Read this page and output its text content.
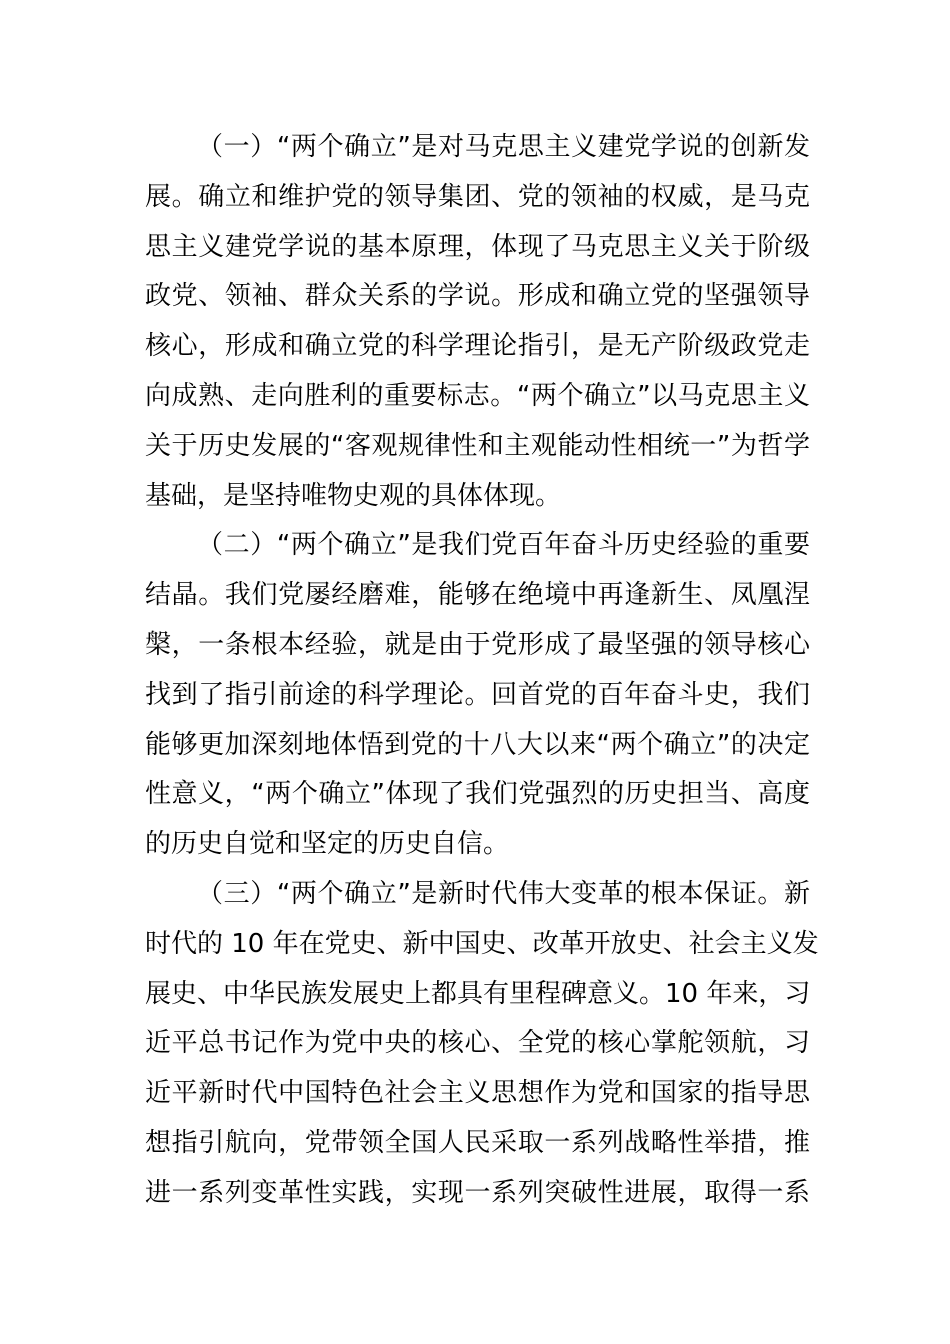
（一）“两个确立”是对马克思主义建党学说的创新发
展。确立和维护党的领导集团、党的领袖的权威，是马克
思主义建党学说的基本原理，体现了马克思主义关于阶级
政党、领袖、群众关系的学说。形成和确立党的坚强领导
核心，形成和确立党的科学理论指引，是无产阶级政党走
向成熟、走向胜利的重要标志。“两个确立”以马克思主义
关于历史发展的“客观规律性和主观能动性相统一”为哲学
基础，是坚持唯物史观的具体体现。
（二）“两个确立”是我们党百年奋斗历史经验的重要
结晶。我们党屡经磨难，能够在绝境中再逢新生、凤凰涅
槃，一条根本经验，就是由于党形成了最坚强的领导核心
找到了指引前途的科学理论。回首党的百年奋斗史，我们
能够更加深刻地体悟到党的十八大以来“两个确立”的决定
性意义，“两个确立”体现了我们党强烈的历史担当、高度
的历史自觉和坚定的历史自信。
（三）“两个确立”是新时代伟大变革的根本保证。新
时代的 10 年在党史、新中国史、改革开放史、社会主义发
展史、中华民族发展史上都具有里程碑意义。10 年来，习
近平总书记作为党中央的核心、全党的核心掌舵领航，习
近平新时代中国特色社会主义思想作为党和国家的指导思
想指引航向，党带领全国人民采取一系列战略性举措，推
进一系列变革性实践，实现一系列突破性进展，取得一系
